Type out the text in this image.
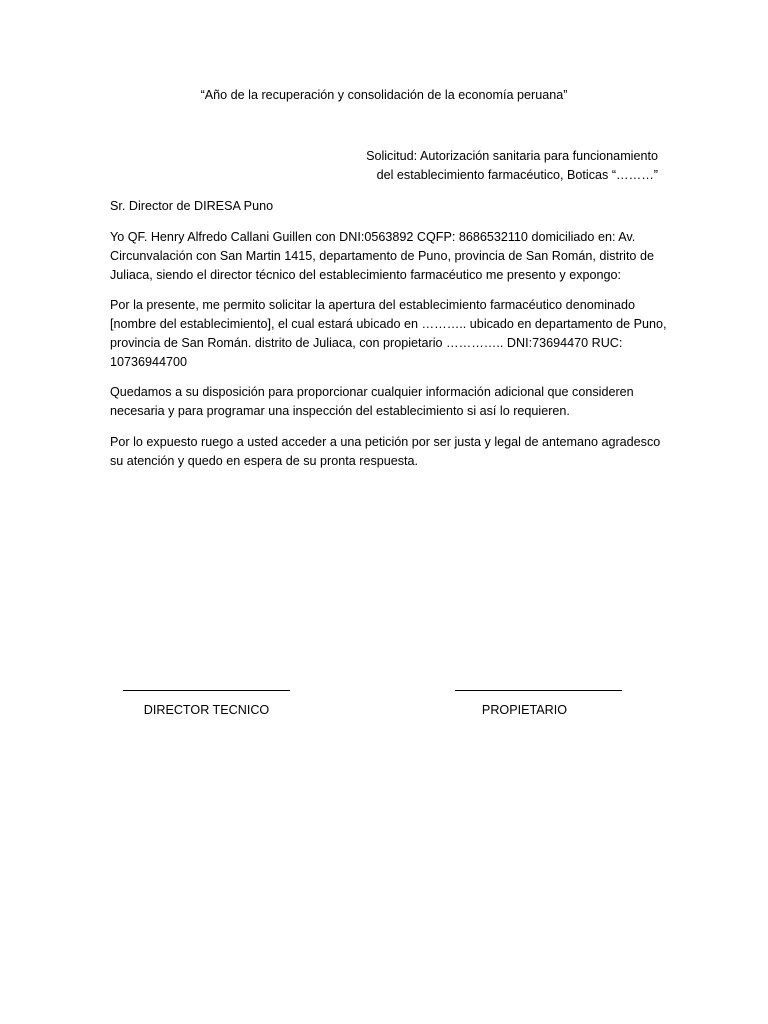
“Año de la recuperación y consolidación de la economía peruana”

Solicitud: Autorización sanitaria para funcionamiento

del establecimiento farmacéutico, Boticas “………”

Sr. Director de DIRESA Puno

Yo QF. Henry Alfredo Callani Guillen con DNI:0563892 CQFP: 8686532110 domiciliado en: Av. Circunvalación con San Martin 1415, departamento de Puno, provincia de San Román, distrito de Juliaca, siendo el director técnico del establecimiento farmacéutico me presento y expongo:

Por la presente, me permito solicitar la apertura del establecimiento farmacéutico denominado [nombre del establecimiento], el cual estará ubicado en ……….. ubicado en departamento de Puno, provincia de San Román. distrito de Juliaca, con propietario ………….. DNI:73694470 RUC: 10736944700

Quedamos a su disposición para proporcionar cualquier información adicional que consideren necesaria y para programar una inspección del establecimiento si así lo requieren.

Por lo expuesto ruego a usted acceder a una petición por ser justa y legal de antemano agradesco su atención y quedo en espera de su pronta respuesta.

DIRECTOR TECNICO	PROPIETARIO
